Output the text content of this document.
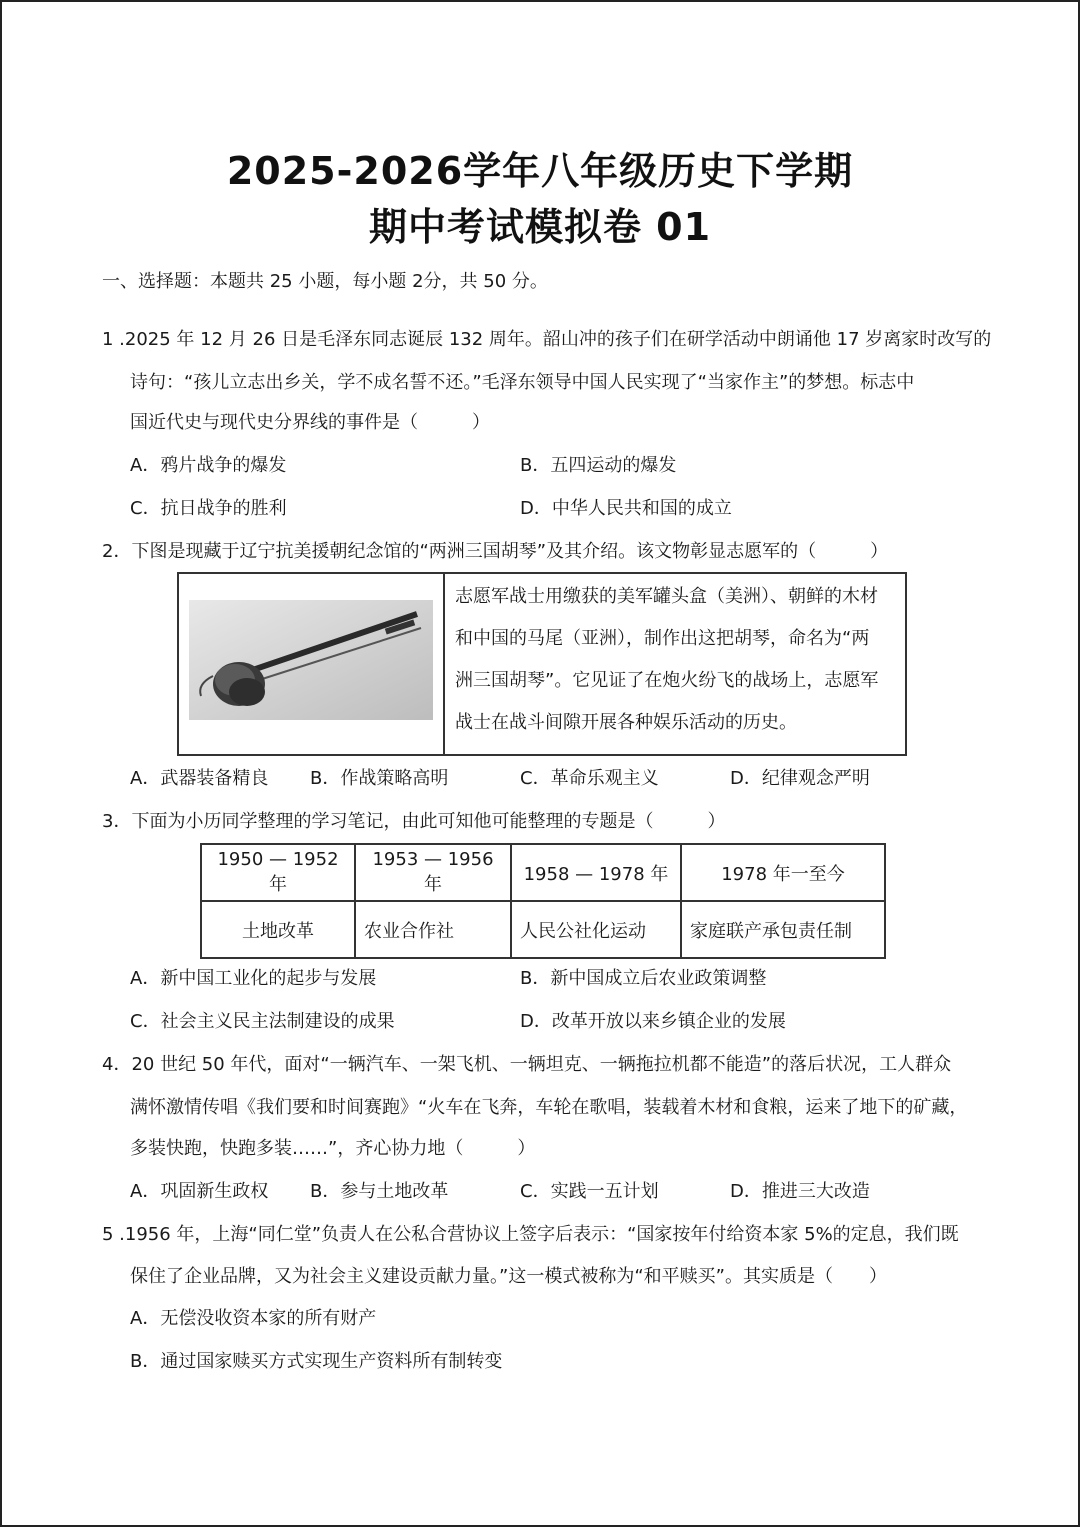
2025-2026学年八年级历史下学期
期中考试模拟卷 01
一、选择题：本题共 25 小题，每小题 2分，共 50 分。
1 .2025 年 12 月 26 日是毛泽东同志诞辰 132 周年。韶山冲的孩子们在研学活动中朗诵他 17 岁离家时改写的
诗句：“孩儿立志出乡关，学不成名誓不还。”毛泽东领导中国人民实现了“当家作主”的梦想。标志中
国近代史与现代史分界线的事件是（　　　）
A．鸦片战争的爆发	B．五四运动的爆发
C．抗日战争的胜利	D．中华人民共和国的成立
2．下图是现藏于辽宁抗美援朝纪念馆的“两洲三国胡琴”及其介绍。该文物彰显志愿军的（　　　）
志愿军战士用缴获的美军罐头盒（美洲）、朝鲜的木材
和中国的马尾（亚洲），制作出这把胡琴，命名为“两
洲三国胡琴”。它见证了在炮火纷飞的战场上，志愿军
战士在战斗间隙开展各种娱乐活动的历史。
A．武器装备精良 B．作战策略高明	C．革命乐观主义	D．纪律观念严明
3．下面为小历同学整理的学习笔记，由此可知他可能整理的专题是（　　　）
1950 — 1952 年	1953 — 1956 年	1958 — 1978 年	1978 年一至今
土地改革	农业合作社	人民公社化运动	家庭联产承包责任制
A．新中国工业化的起步与发展	B．新中国成立后农业政策调整
C．社会主义民主法制建设的成果	D．改革开放以来乡镇企业的发展
4．20 世纪 50 年代，面对“一辆汽车、一架飞机、一辆坦克、一辆拖拉机都不能造”的落后状况，工人群众
满怀激情传唱《我们要和时间赛跑》“火车在飞奔，车轮在歌唱，装载着木材和食粮，运来了地下的矿藏，
多装快跑，快跑多装……”，齐心协力地（　　　）
A．巩固新生政权 B．参与土地改革	C．实践一五计划	D．推进三大改造
5 .1956 年，上海“同仁堂”负责人在公私合营协议上签字后表示：“国家按年付给资本家 5%的定息，我们既
保住了企业品牌，又为社会主义建设贡献力量。”这一模式被称为“和平赎买”。其实质是（　　）
A．无偿没收资本家的所有财产
B．通过国家赎买方式实现生产资料所有制转变
